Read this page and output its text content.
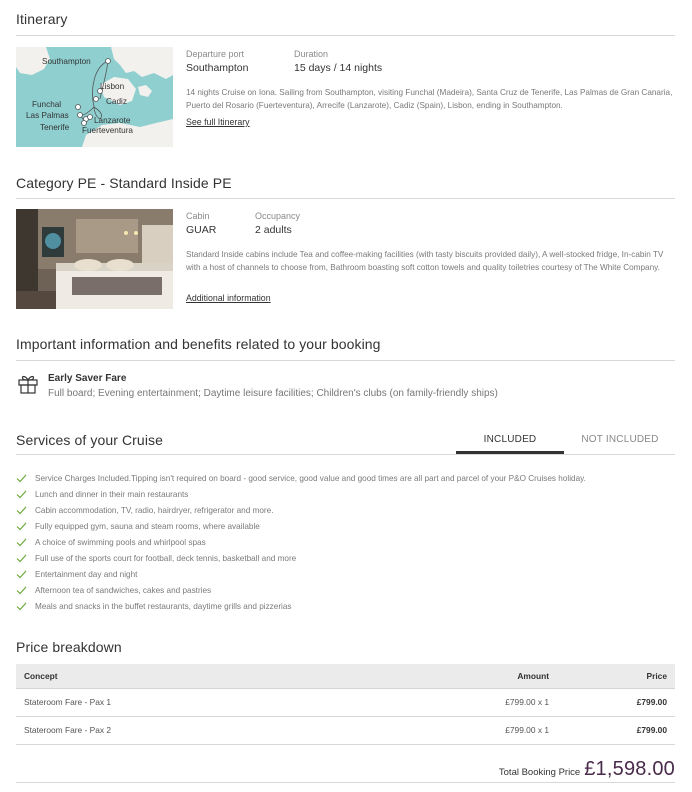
Itinerary
Southampton
Lisbon
Cadiz
Funchal
Las Palmas
Lanzarote
Tenerife Fuerteventura
Departure port
Southampton
Duration
15 days / 14 nights
14 nights Cruise on Iona. Sailing from Southampton, visiting Funchal (Madeira), Santa Cruz de Tenerife, Las Palmas de Gran Canaria, Puerto del Rosario (Fuerteventura), Arrecife (Lanzarote), Cadiz (Spain), Lisbon, ending in Southampton.
See full Itinerary
Category PE - Standard Inside PE
Cabin
GUAR
Occupancy
2 adults
Standard Inside cabins include Tea and coffee-making facilities (with tasty biscuits provided daily), A well-stocked fridge, In-cabin TV with a host of channels to choose from, Bathroom boasting soft cotton towels and quality toiletries courtesy of The White Company.
Additional information
Important information and benefits related to your booking
Early Saver Fare
Full board; Evening entertainment; Daytime leisure facilities; Children's clubs (on family-friendly ships)
Services of your Cruise	INCLUDED	NOT INCLUDED
Service Charges Included.Tipping isn't required on board - good service, good value and good times are all part and parcel of your P&O Cruises holiday.
Lunch and dinner in their main restaurants
Cabin accommodation, TV, radio, hairdryer, refrigerator and more.
Fully equipped gym, sauna and steam rooms, where available
A choice of swimming pools and whirlpool spas
Full use of the sports court for football, deck tennis, basketball and more
Entertainment day and night
Afternoon tea of sandwiches, cakes and pastries
Meals and snacks in the buffet restaurants, daytime grills and pizzerias
Price breakdown
Concept	Amount	Price
Stateroom Fare - Pax 1	£799.00 x 1	£799.00
Stateroom Fare - Pax 2	£799.00 x 1	£799.00
Total Booking Price £1,598.00
